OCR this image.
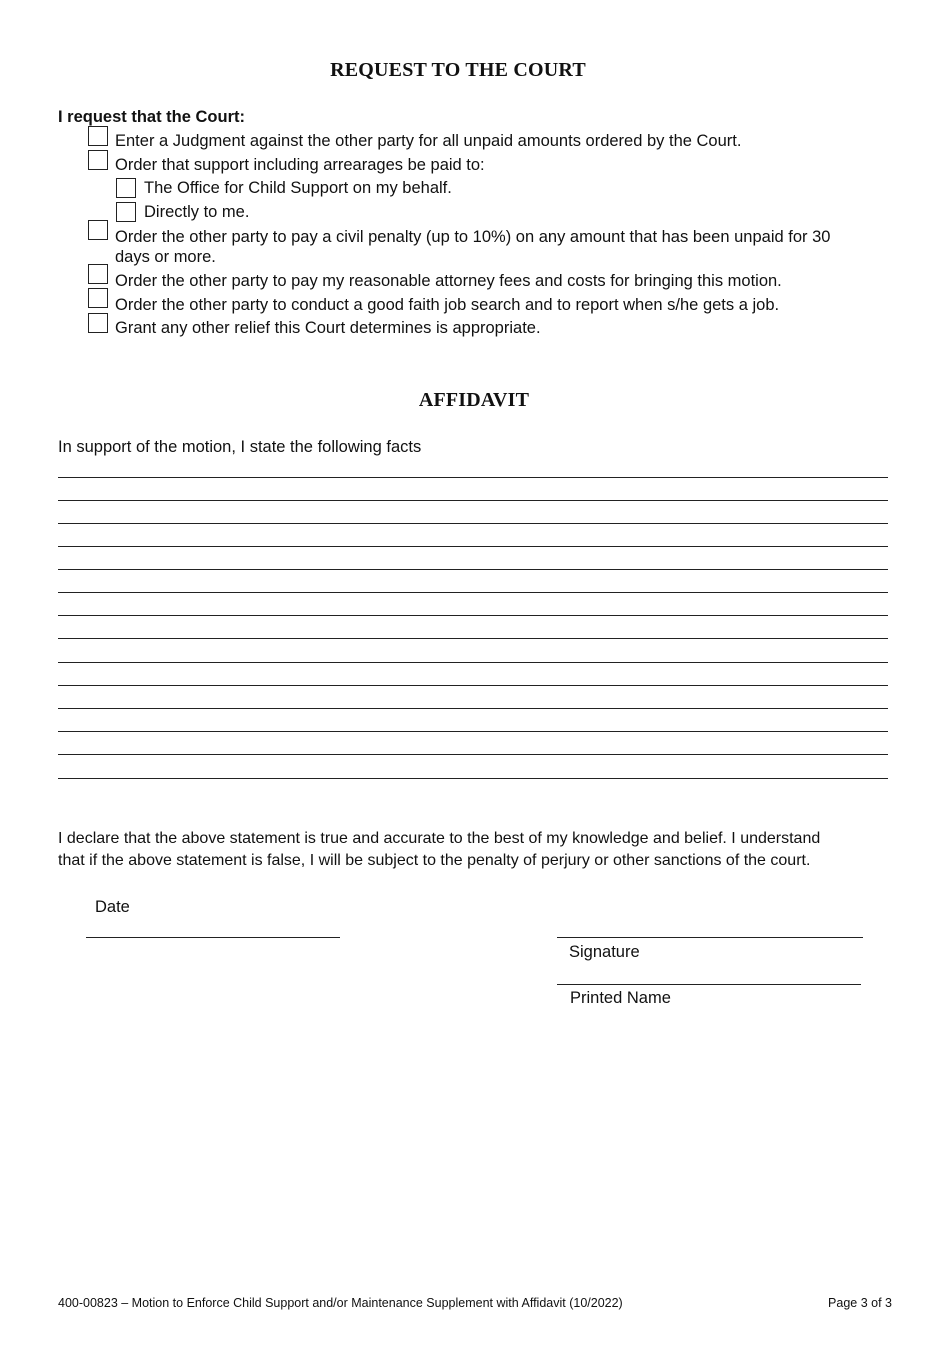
REQUEST TO THE COURT
I request that the Court:
Enter a Judgment against the other party for all unpaid amounts ordered by the Court.
Order that support including arrearages be paid to:
The Office for Child Support on my behalf.
Directly to me.
Order the other party to pay a civil penalty (up to 10%) on any amount that has been unpaid for 30
days or more.
Order the other party to pay my reasonable attorney fees and costs for bringing this motion.
Order the other party to conduct a good faith job search and to report when s/he gets a job.
Grant any other relief this Court determines is appropriate.
AFFIDAVIT
In support of the motion, I state the following facts
I declare that the above statement is true and accurate to the best of my knowledge and belief. I understand
that if the above statement is false, I will be subject to the penalty of perjury or other sanctions of the court.
Date
Signature
Printed Name
400-00823 – Motion to Enforce Child Support and/or Maintenance Supplement with Affidavit (10/2022)	Page 3 of 3
